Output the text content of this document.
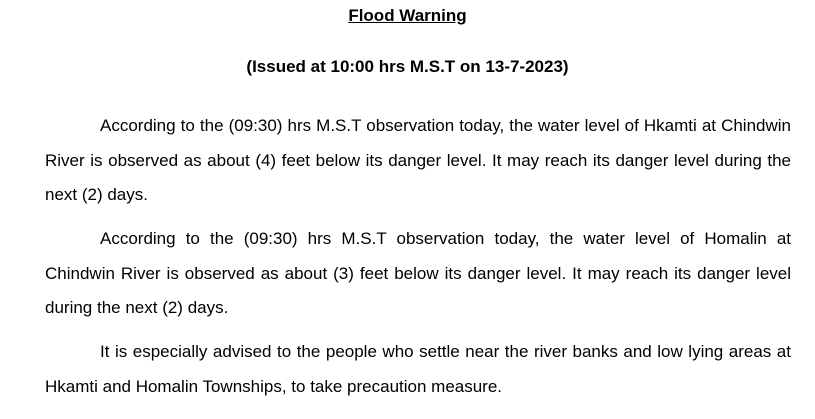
Flood Warning
(Issued at 10:00 hrs M.S.T on 13-7-2023)

According to the (09:30) hrs M.S.T observation today, the water level of Hkamti at Chindwin River is observed as about (4) feet below its danger level. It may reach its danger level during the next (2) days.

According to the (09:30) hrs M.S.T observation today, the water level of Homalin at Chindwin River is observed as about (3) feet below its danger level. It may reach its danger level during the next (2) days.

It is especially advised to the people who settle near the river banks and low lying areas at Hkamti and Homalin Townships, to take precaution measure.
